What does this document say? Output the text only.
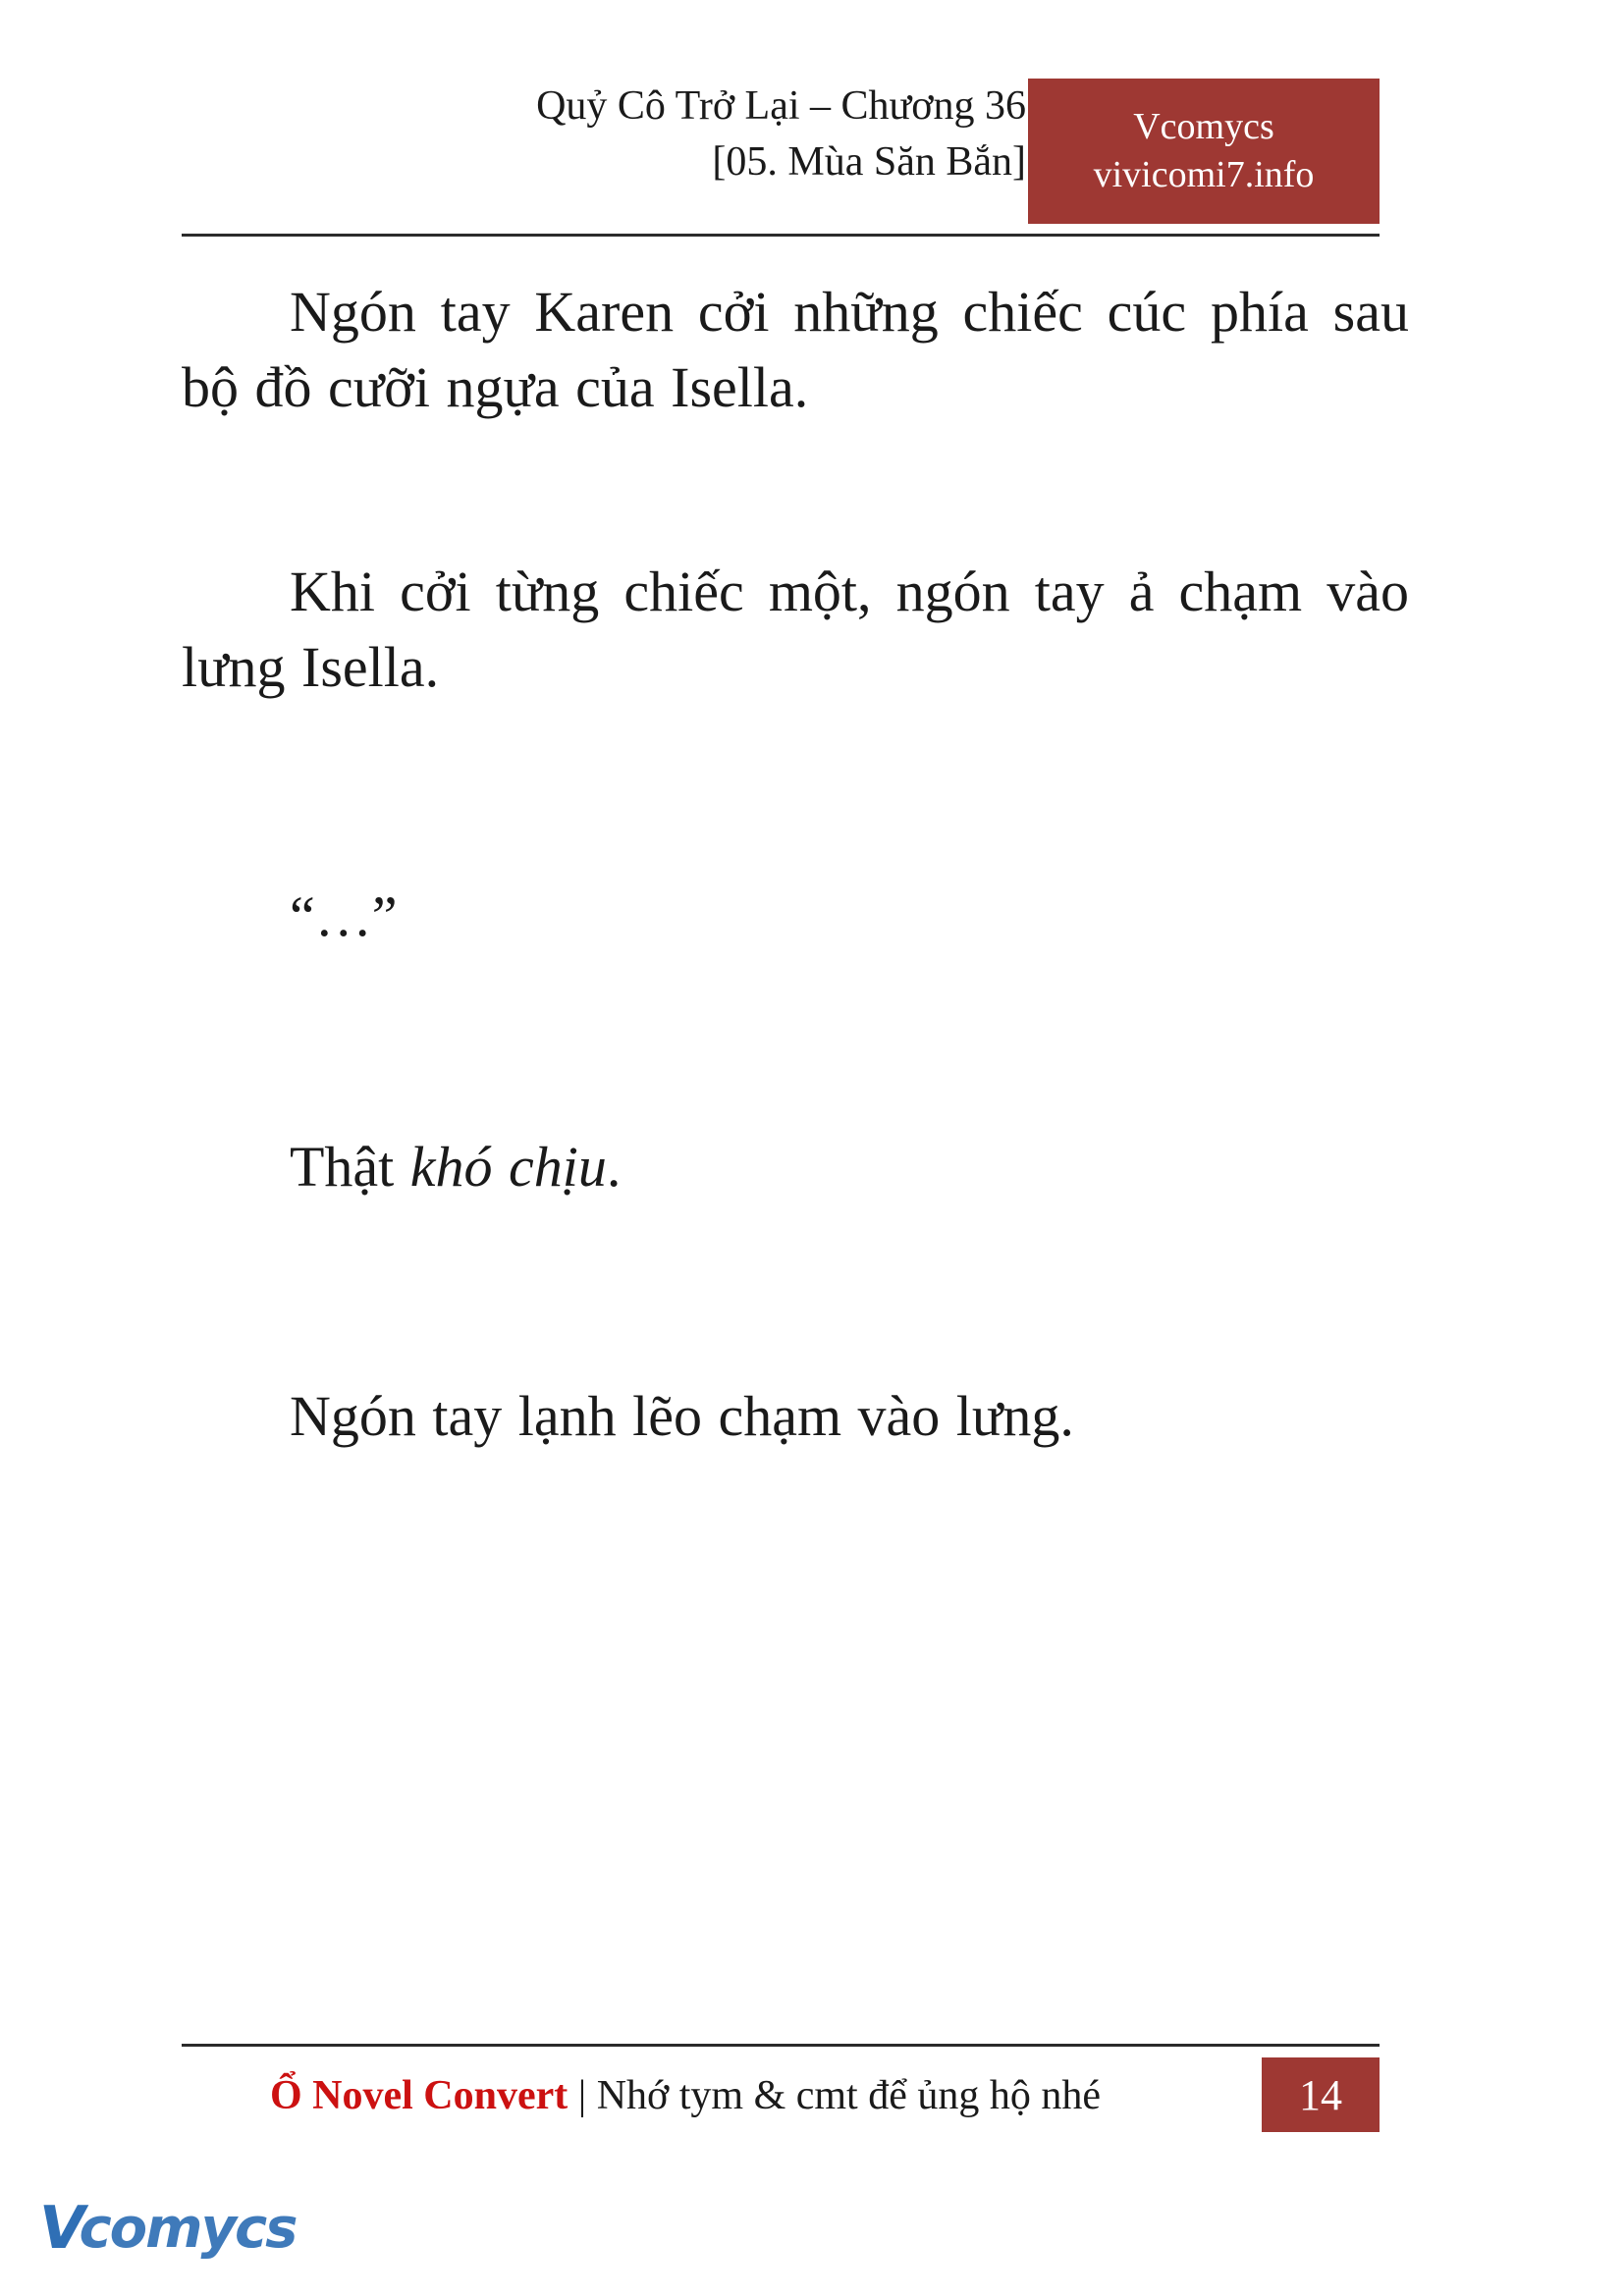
Quỷ Cô Trở Lại – Chương 36
[05. Mùa Săn Bắn]
Vcomycs
vivicomi7.info

Ngón tay Karen cởi những chiếc cúc phía sau bộ đồ cưỡi ngựa của Isella.

Khi cởi từng chiếc một, ngón tay ả chạm vào lưng Isella.

“…”

Thật khó chịu.

Ngón tay lạnh lẽo chạm vào lưng.

Ổ Novel Convert | Nhớ tym & cmt để ủng hộ nhé	14
V
comycs
